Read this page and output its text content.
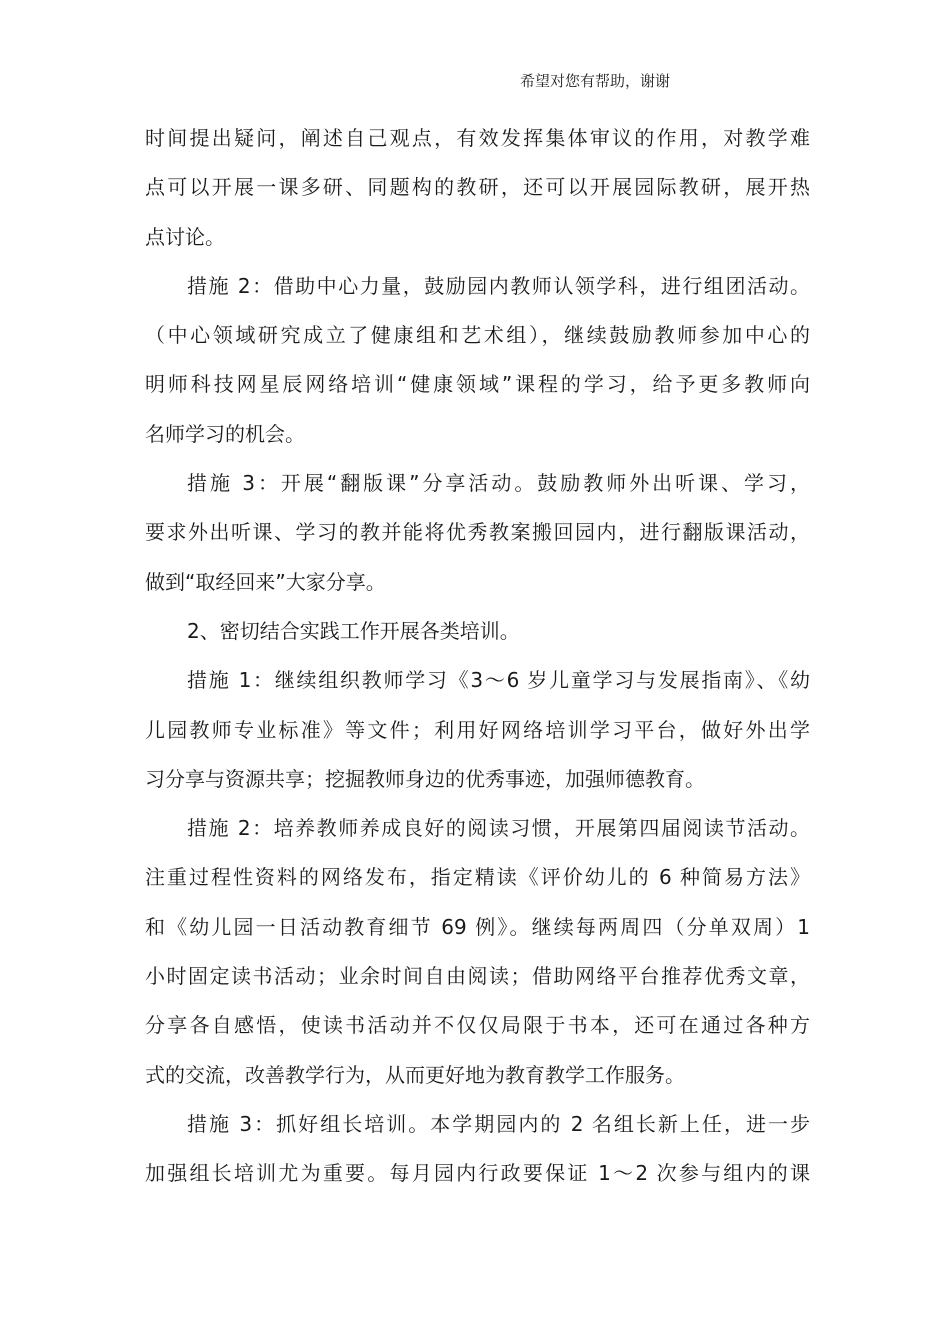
希望对您有帮助，谢谢
时间提出疑问，阐述自己观点，有效发挥集体审议的作用，对教学难
点可以开展一课多研、同题构的教研，还可以开展园际教研，展开热
点讨论。
措施 2：借助中心力量，鼓励园内教师认领学科，进行组团活动。
（中心领域研究成立了健康组和艺术组），继续鼓励教师参加中心的
明师科技网星辰网络培训“健康领域”课程的学习，给予更多教师向
名师学习的机会。
措施 3：开展“翻版课”分享活动。鼓励教师外出听课、学习，
要求外出听课、学习的教并能将优秀教案搬回园内，进行翻版课活动，
做到“取经回来”大家分享。
2、密切结合实践工作开展各类培训。
措施 1：继续组织教师学习《3～6 岁儿童学习与发展指南》、《幼
儿园教师专业标准》等文件；利用好网络培训学习平台，做好外出学
习分享与资源共享；挖掘教师身边的优秀事迹，加强师德教育。
措施 2：培养教师养成良好的阅读习惯，开展第四届阅读节活动。
注重过程性资料的网络发布，指定精读《评价幼儿的 6 种简易方法》
和《幼儿园一日活动教育细节 69 例》。继续每两周四（分单双周）1
小时固定读书活动；业余时间自由阅读；借助网络平台推荐优秀文章，
分享各自感悟，使读书活动并不仅仅局限于书本，还可在通过各种方
式的交流，改善教学行为，从而更好地为教育教学工作服务。
措施 3：抓好组长培训。本学期园内的 2 名组长新上任，进一步
加强组长培训尤为重要。每月园内行政要保证 1～2 次参与组内的课
